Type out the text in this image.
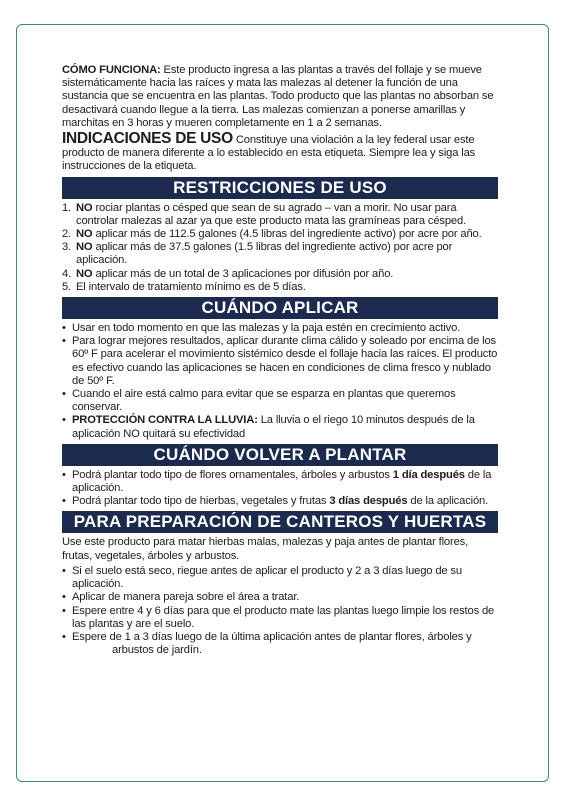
CÓMO FUNCIONA: Este producto ingresa a las plantas a través del follaje y se mueve sistemáticamente hacia las raíces y mata las malezas al detener la función de una sustancia que se encuentra en las plantas. Todo producto que las plantas no absorban se desactivará cuando llegue a la tierra. Las malezas comienzan a ponerse amarillas y marchitas en 3 horas y mueren completamente en 1 a 2 semanas.

INDICACIONES DE USO Constituye una violación a la ley federal usar este producto de manera diferente a lo establecido en esta etiqueta. Siempre lea y siga las instrucciones de la etiqueta.

RESTRICCIONES DE USO
1. NO rociar plantas o césped que sean de su agrado – van a morir. No usar para controlar malezas al azar ya que este producto mata las gramíneas para césped.
2. NO aplicar más de 112.5 galones (4.5 libras del ingrediente activo) por acre por año.
3. NO aplicar más de 37.5 galones (1.5 libras del ingrediente activo) por acre por aplicación.
4. NO aplicar más de un total de 3 aplicaciones por difusión por año.
5. El intervalo de tratamiento mínimo es de 5 días.
CUÁNDO APLICAR
• Usar en todo momento en que las malezas y la paja estén en crecimiento activo.
• Para lograr mejores resultados, aplicar durante clima cálido y soleado por encima de los 60º F para acelerar el movimiento sistémico desde el follaje hacia las raíces. El producto es efectivo cuando las aplicaciones se hacen en condiciones de clima fresco y nublado de 50º F.
• Cuando el aire está calmo para evitar que se esparza en plantas que queremos conservar.
• PROTECCIÓN CONTRA LA LLUVIA: La lluvia o el riego 10 minutos después de la aplicación NO quitará su efectividad
CUÁNDO VOLVER A PLANTAR
• Podrá plantar todo tipo de flores ornamentales, árboles y arbustos 1 día después de la aplicación.
• Podrá plantar todo tipo de hierbas, vegetales y frutas 3 días después de la aplicación.
PARA PREPARACIÓN DE CANTEROS Y HUERTAS

Use este producto para matar hierbas malas, malezas y paja antes de plantar flores, frutas, vegetales, árboles y arbustos.

• Si el suelo está seco, riegue antes de aplicar el producto y 2 a 3 días luego de su aplicación.
• Aplicar de manera pareja sobre el área a tratar.
• Espere entre 4 y 6 días para que el producto mate las plantas luego limpie los restos de las plantas y are el suelo.
• Espere de 1 a 3 días luego de la última aplicación antes de plantar flores, árboles y
arbustos de jardín.
